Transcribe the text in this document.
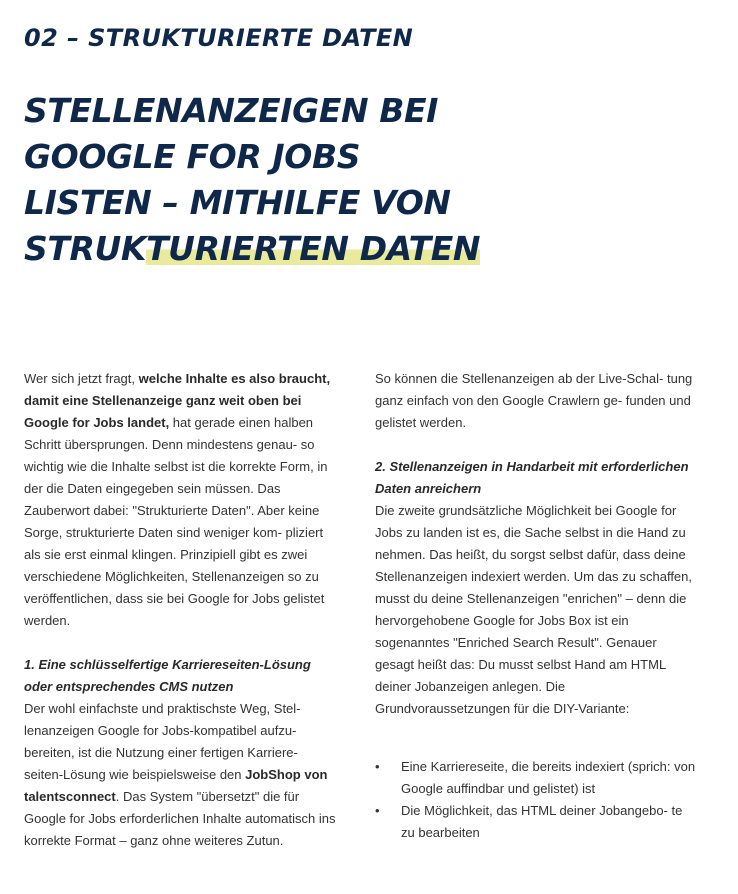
02 – STRUKTURIERTE DATEN
STELLENANZEIGEN BEI
GOOGLE FOR JOBS
LISTEN – MITHILFE VON
STRUKTURIERTEN DATEN

Wer sich jetzt fragt, welche Inhalte es also braucht, damit eine Stellenanzeige ganz weit oben bei Google for Jobs landet, hat gerade einen halben Schritt übersprungen. Denn mindestens genau- so wichtig wie die Inhalte selbst ist die korrekte Form, in der die Daten eingegeben sein müssen. Das Zauberwort dabei: "Strukturierte Daten". Aber keine Sorge, strukturierte Daten sind weniger kom- pliziert als sie erst einmal klingen. Prinzipiell gibt es zwei verschiedene Möglichkeiten, Stellenanzeigen so zu veröffentlichen, dass sie bei Google for Jobs gelistet werden.

1. Eine schlüsselfertige Karriereseiten-Lösung oder entsprechendes CMS nutzen

Der wohl einfachste und praktischste Weg, Stel- lenanzeigen Google for Jobs-kompatibel aufzu- bereiten, ist die Nutzung einer fertigen Karriere- seiten-Lösung wie beispielsweise den JobShop von talentsconnect. Das System "übersetzt" die für Google for Jobs erforderlichen Inhalte automatisch ins korrekte Format – ganz ohne weiteres Zutun.

So können die Stellenanzeigen ab der Live-Schal- tung ganz einfach von den Google Crawlern ge- funden und gelistet werden.

2. Stellenanzeigen in Handarbeit mit erforderlichen Daten anreichern

Die zweite grundsätzliche Möglichkeit bei Google for Jobs zu landen ist es, die Sache selbst in die Hand zu nehmen. Das heißt, du sorgst selbst dafür, dass deine Stellenanzeigen indexiert werden. Um das zu schaffen, musst du deine Stellenanzeigen "enrichen" – denn die hervorgehobene Google for Jobs Box ist ein sogenanntes "Enriched Search Result". Genauer gesagt heißt das: Du musst selbst Hand am HTML deiner Jobanzeigen anlegen. Die Grundvoraussetzungen für die DIY-Variante:

• Eine Karriereseite, die bereits indexiert (sprich: von Google auffindbar und gelistet) ist
• Die Möglichkeit, das HTML deiner Jobangebo- te zu bearbeiten
